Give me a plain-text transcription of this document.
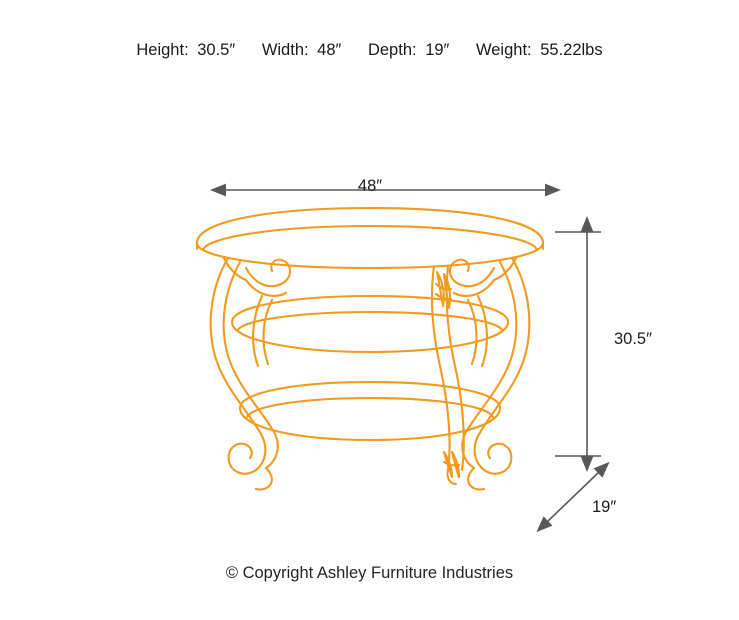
Height: 30.5″ Width: 48″ Depth: 19″ Weight: 55.22lbs
48″
30.5″
19″
© Copyright Ashley Furniture Industries
